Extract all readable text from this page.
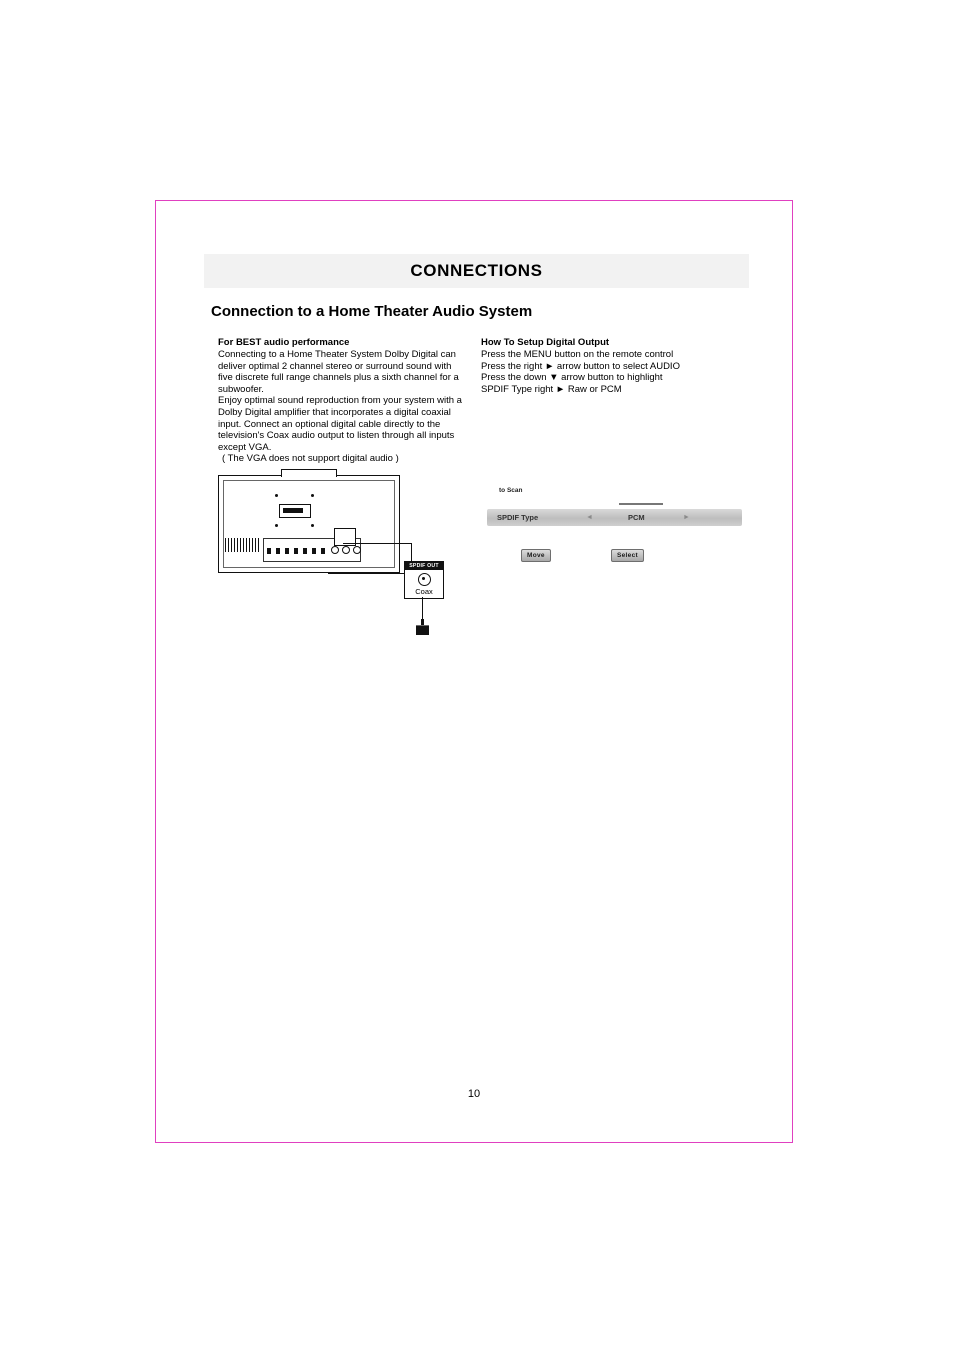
CONNECTIONS
Connection to a Home Theater Audio System
For BEST audio performance
Connecting to a Home Theater System Dolby Digital can deliver optimal 2 channel stereo or surround sound with five discrete full range channels plus a sixth channel for a subwoofer.
Enjoy optimal sound reproduction from your system with a Dolby Digital amplifier that incorporates a digital coaxial input. Connect an optional digital cable directly to the television's Coax audio output to listen through all inputs except VGA.
( The VGA does not support digital audio )
SPDIF OUT
Coax
How To Setup Digital Output
Press the MENU button on the remote control
Press the right ► arrow button to select AUDIO
Press the down ▼ arrow button to highlight
SPDIF Type right ► Raw or PCM
to Scan
SPDIF Type	◄	PCM	►
Move	Select
10
